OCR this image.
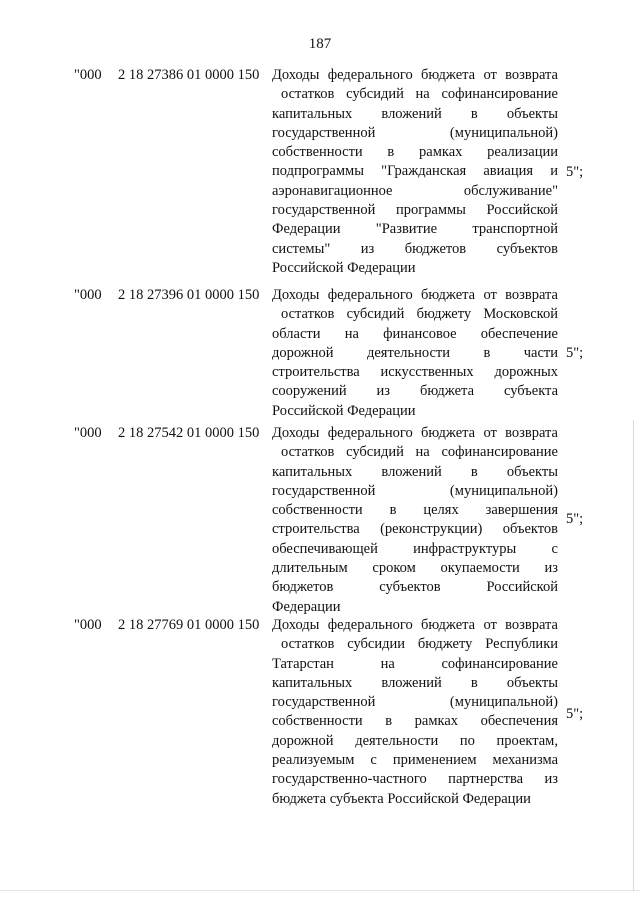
187
"000 2 18 27386 01 0000 150 Доходы федерального бюджета от возврата
остатков субсидий на софинансирование
капитальных вложений в объекты
государственной (муниципальной)
собственности в рамках реализации
подпрограммы "Гражданская авиация и
аэронавигационное обслуживание"
государственной программы Российской
Федерации "Развитие транспортной
системы" из бюджетов субъектов
Российской Федерации
5";
"000 2 18 27396 01 0000 150 Доходы федерального бюджета от возврата
остатков субсидий бюджету Московской
области на финансовое обеспечение
дорожной деятельности в части
строительства искусственных дорожных
сооружений из бюджета субъекта
Российской Федерации
5";
"000 2 18 27542 01 0000 150 Доходы федерального бюджета от возврата
остатков субсидий на софинансирование
капитальных вложений в объекты
государственной (муниципальной)
собственности в целях завершения
строительства (реконструкции) объектов
обеспечивающей инфраструктуры с
длительным сроком окупаемости из
бюджетов субъектов Российской
Федерации
5";
"000 2 18 27769 01 0000 150 Доходы федерального бюджета от возврата
остатков субсидии бюджету Республики
Татарстан на софинансирование
капитальных вложений в объекты
государственной (муниципальной)
собственности в рамках обеспечения
дорожной деятельности по проектам,
реализуемым с применением механизма
государственно-частного партнерства из
бюджета субъекта Российской Федерации
5";
